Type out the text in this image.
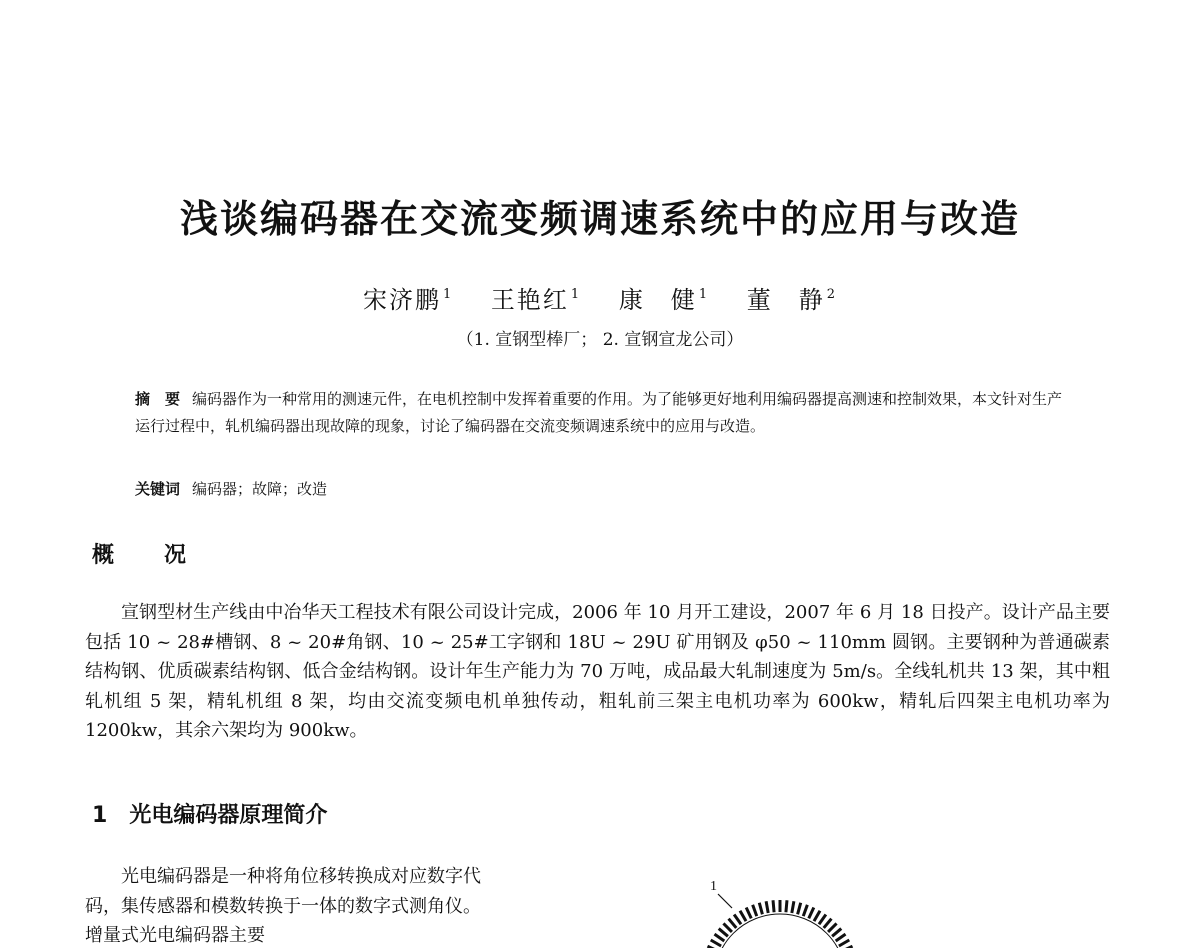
浅谈编码器在交流变频调速系统中的应用与改造
宋济鹏 $^1$ 王艳红 $^1$ 康　健 $^1$ 董　静 $^2$
（1. 宣钢型棒厂； 2. 宣钢宣龙公司）

摘　要 编码器作为一种常用的测速元件，在电机控制中发挥着重要的作用。为了能够更好地利用编码器提高测速和控制效果，本文针对生产运行过程中，轧机编码器出现故障的现象，讨论了编码器在交流变频调速系统中的应用与改造。

关键词 编码器；故障；改造
概　况

宣钢型材生产线由中冶华天工程技术有限公司设计完成，2006 年 10 月开工建设，2007 年 6 月 18 日投产。设计产品主要包括 10 ~ 28#槽钢、8 ~ 20#角钢、10 ~ 25#工字钢和 18U ~ 29U 矿用钢及 φ50 ~ 110mm 圆钢。主要钢种为普通碳素结构钢、优质碳素结构钢、低合金结构钢。设计年生产能力为 70 万吨，成品最大轧制速度为 5m/s。全线轧机共 13 架，其中粗轧机组 5 架，精轧机组 8 架，均由交流变频电机单独传动，粗轧前三架主电机功率为 600kw，精轧后四架主电机功率为 1200kw，其余六架均为 900kw。

1 光电编码器原理简介

光电编码器是一种将角位移转换成对应数字代码，集传感器和模数转换于一体的数字式测角仪。增量式光电编码器主要

1
